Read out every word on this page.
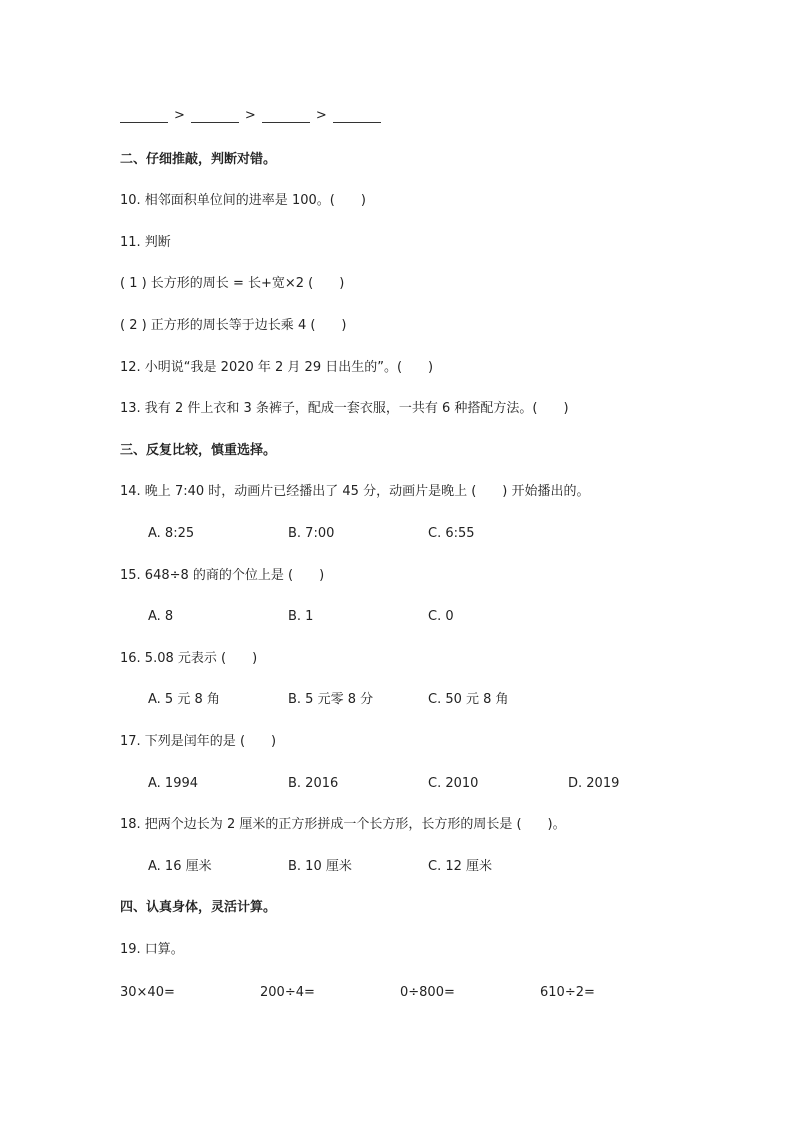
>	>	>
二、仔细推敲，判断对错。
10. 相邻面积单位间的进率是 100。(　　)
11. 判断
( 1 ) 长方形的周长 = 长+宽×2 (　　)
( 2 ) 正方形的周长等于边长乘 4 (　　)
12. 小明说“我是 2020 年 2 月 29 日出生的”。(　　)
13. 我有 2 件上衣和 3 条裤子，配成一套衣服，一共有 6 种搭配方法。(　　)
三、反复比较，慎重选择。
14. 晚上 7:40 时，动画片已经播出了 45 分，动画片是晚上 (　　) 开始播出的。
A. 8:25	B. 7:00	C. 6:55
15. 648÷8 的商的个位上是 (　　)
A. 8	B. 1	C. 0
16. 5.08 元表示 (　　)
A. 5 元 8 角	B. 5 元零 8 分	C. 50 元 8 角
17. 下列是闰年的是 (　　)
A. 1994	B. 2016	C. 2010	D. 2019
18. 把两个边长为 2 厘米的正方形拼成一个长方形，长方形的周长是 (　　)。
A. 16 厘米	B. 10 厘米	C. 12 厘米
四、认真身体，灵活计算。
19. 口算。
30×40=	200÷4=	0÷800=	610÷2=
